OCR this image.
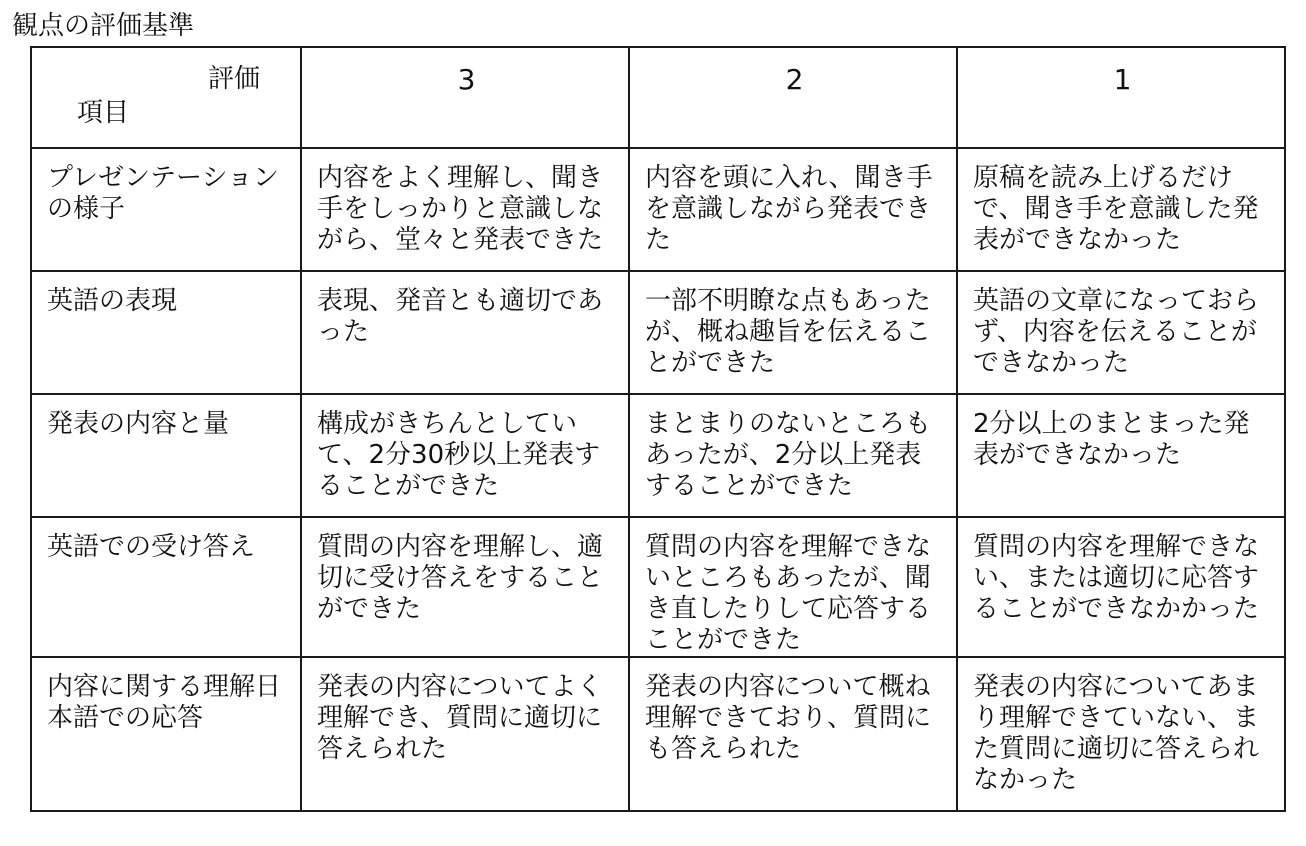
観点の評価基準
評価
項目	3	2	1
プレゼンテーションの様子	内容をよく理解し、聞き手をしっかりと意識しながら、堂々と発表できた	内容を頭に入れ、聞き手を意識しながら発表できた	原稿を読み上げるだけで、聞き手を意識した発表ができなかった
英語の表現	表現、発音とも適切であった	一部不明瞭な点もあったが、概ね趣旨を伝えることができた	英語の文章になっておらず、内容を伝えることができなかった
発表の内容と量	構成がきちんとしていて、2分30秒以上発表することができた	まとまりのないところもあったが、2分以上発表することができた	2分以上のまとまった発表ができなかった
英語での受け答え	質問の内容を理解し、適切に受け答えをすることができた	質問の内容を理解できないところもあったが、聞き直したりして応答することができた	質問の内容を理解できない、または適切に応答することができなかかった
内容に関する理解日本語での応答	発表の内容についてよく理解でき、質問に適切に答えられた	発表の内容について概ね理解できており、質問にも答えられた	発表の内容についてあまり理解できていない、また質問に適切に答えられなかった
